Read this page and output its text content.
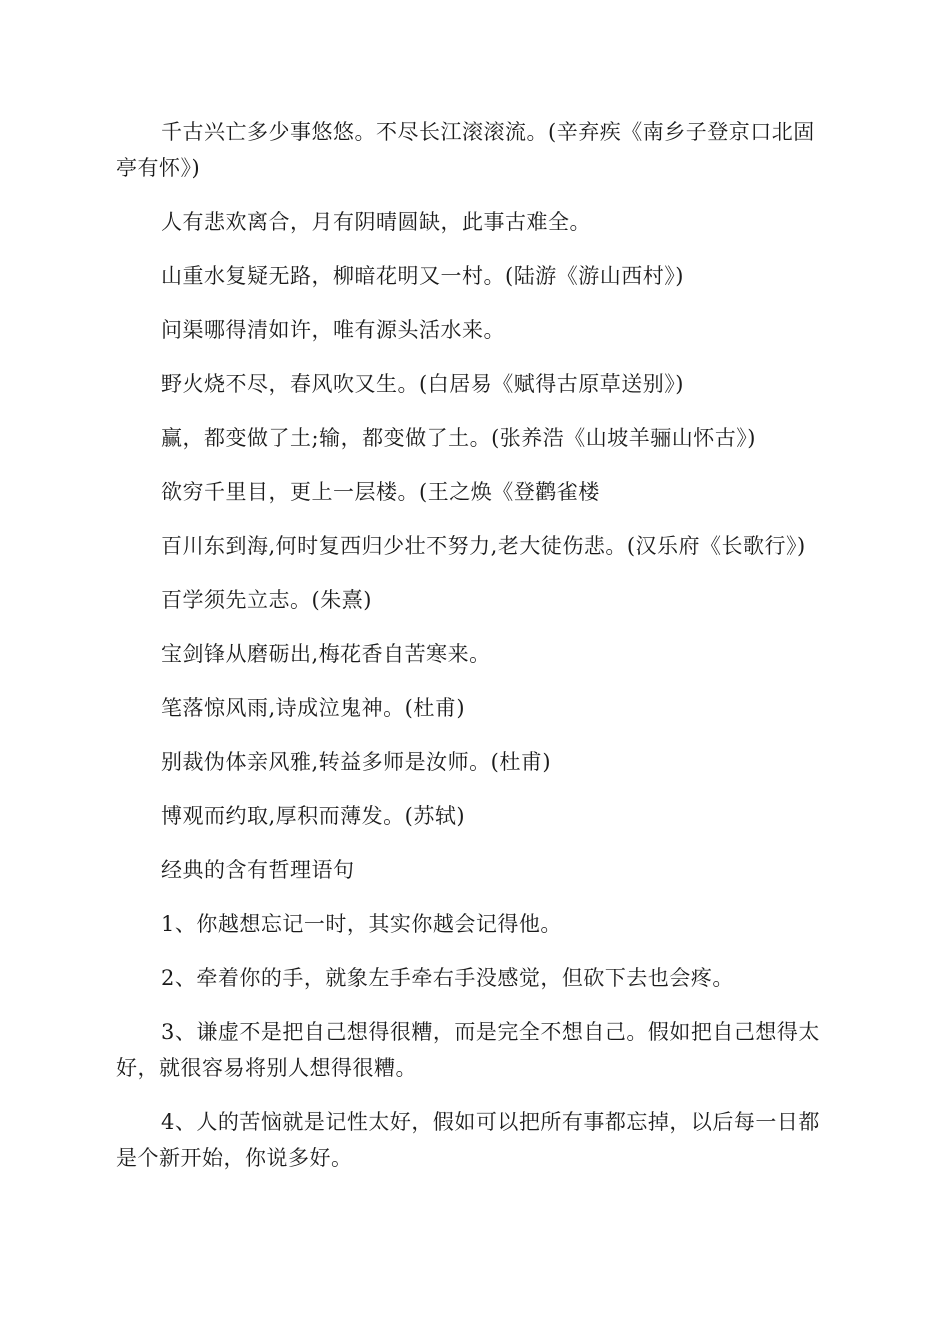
千古兴亡多少事悠悠。不尽长江滚滚流。(辛弃疾《南乡子登京口北固亭有怀》)

人有悲欢离合，月有阴晴圆缺，此事古难全。

山重水复疑无路，柳暗花明又一村。(陆游《游山西村》)

问渠哪得清如许，唯有源头活水来。

野火烧不尽，春风吹又生。(白居易《赋得古原草送别》)

赢，都变做了土;输，都变做了土。(张养浩《山坡羊骊山怀古》)

欲穷千里目，更上一层楼。(王之焕《登鹳雀楼

百川东到海,何时复西归少壮不努力,老大徒伤悲。(汉乐府《长歌行》)

百学须先立志。(朱熹)

宝剑锋从磨砺出,梅花香自苦寒来。

笔落惊风雨,诗成泣鬼神。(杜甫)

别裁伪体亲风雅,转益多师是汝师。(杜甫)

博观而约取,厚积而薄发。(苏轼)

经典的含有哲理语句

1、你越想忘记一时，其实你越会记得他。

2、牵着你的手，就象左手牵右手没感觉，但砍下去也会疼。

3、谦虚不是把自己想得很糟，而是完全不想自己。假如把自己想得太好，就很容易将别人想得很糟。

4、人的苦恼就是记性太好，假如可以把所有事都忘掉，以后每一日都是个新开始，你说多好。
